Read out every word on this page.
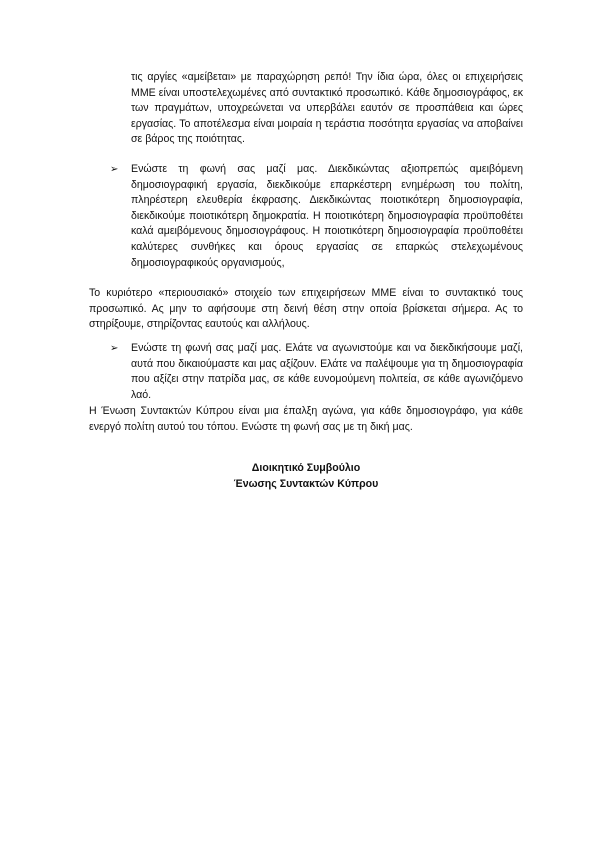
τις αργίες «αμείβεται» με παραχώρηση ρεπό! Την ίδια ώρα, όλες οι επιχειρήσεις ΜΜΕ είναι υποστελεχωμένες από συντακτικό προσωπικό. Κάθε δημοσιογράφος, εκ των πραγμάτων, υποχρεώνεται να υπερβάλει εαυτόν σε προσπάθεια και ώρες εργασίας. Το αποτέλεσμα είναι μοιραία η τεράστια ποσότητα εργασίας να αποβαίνει σε βάρος της ποιότητας.

➢ Ενώστε τη φωνή σας μαζί μας. Διεκδικώντας αξιοπρεπώς αμειβόμενη δημοσιογραφική εργασία, διεκδικούμε επαρκέστερη ενημέρωση του πολίτη, πληρέστερη ελευθερία έκφρασης. Διεκδικώντας ποιοτικότερη δημοσιογραφία, διεκδικούμε ποιοτικότερη δημοκρατία. Η ποιοτικότερη δημοσιογραφία προϋποθέτει καλά αμειβόμενους δημοσιογράφους. Η ποιοτικότερη δημοσιογραφία προϋποθέτει καλύτερες συνθήκες και όρους εργασίας σε επαρκώς στελεχωμένους δημοσιογραφικούς οργανισμούς,

Το κυριότερο «περιουσιακό» στοιχείο των επιχειρήσεων ΜΜΕ είναι το συντακτικό τους προσωπικό. Ας μην το αφήσουμε στη δεινή θέση στην οποία βρίσκεται σήμερα. Ας το στηρίξουμε, στηρίζοντας εαυτούς και αλλήλους.

➢ Ενώστε τη φωνή σας μαζί μας. Ελάτε να αγωνιστούμε και να διεκδικήσουμε μαζί, αυτά που δικαιούμαστε και μας αξίζουν. Ελάτε να παλέψουμε για τη δημοσιογραφία που αξίζει στην πατρίδα μας, σε κάθε ευνομούμενη πολιτεία, σε κάθε αγωνιζόμενο λαό.

Η Ένωση Συντακτών Κύπρου είναι μια έπαλξη αγώνα, για κάθε δημοσιογράφο, για κάθε ενεργό πολίτη αυτού του τόπου. Ενώστε τη φωνή σας με τη δική μας.

Διοικητικό Συμβούλιο
Ένωσης Συντακτών Κύπρου
